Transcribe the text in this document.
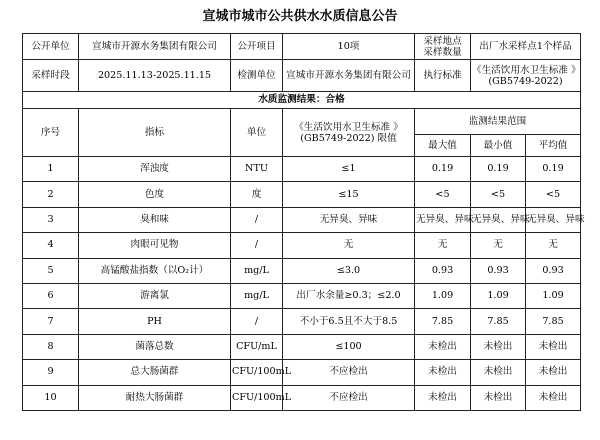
宣城市城市公共供水水质信息公告
公开单位	宣城市开源水务集团有限公司	公开项目	10项	采样地点
采样数量	出厂水采样点1个样品	
采样时段	2025.11.13-2025.11.15	检测单位	宣城市开源水务集团有限公司	执行标准	《生活饮用水卫生标准 》
(GB5749-2022)	

水质监测结果：合格						
序号	指标	单位	《生活饮用水卫生标准 》
(GB5749-2022) 限值	监测结果范围		
				最大值	最小值	平均值
1	浑浊度	NTU	≤1	0.19	0.19	0.19
2	色度	度	≤15	<5	<5	<5
3	臭和味	/	无异臭、异味	无异臭、异味	无异臭、异味	无异臭、异味
4	肉眼可见物	/	无	无	无	无
5	高锰酸盐指数（以O₂计）	mg/L	≤3.0	0.93	0.93	0.93
6	游离氯	mg/L	出厂水余量≥0.3；≤2.0	1.09	1.09	1.09
7	PH	/	不小于6.5且不大于8.5	7.85	7.85	7.85
8	菌落总数	CFU/mL	≤100	未检出	未检出	未检出
9	总大肠菌群	CFU/100mL	不应检出	未检出	未检出	未检出
10	耐热大肠菌群	CFU/100mL	不应检出	未检出	未检出	未检出
